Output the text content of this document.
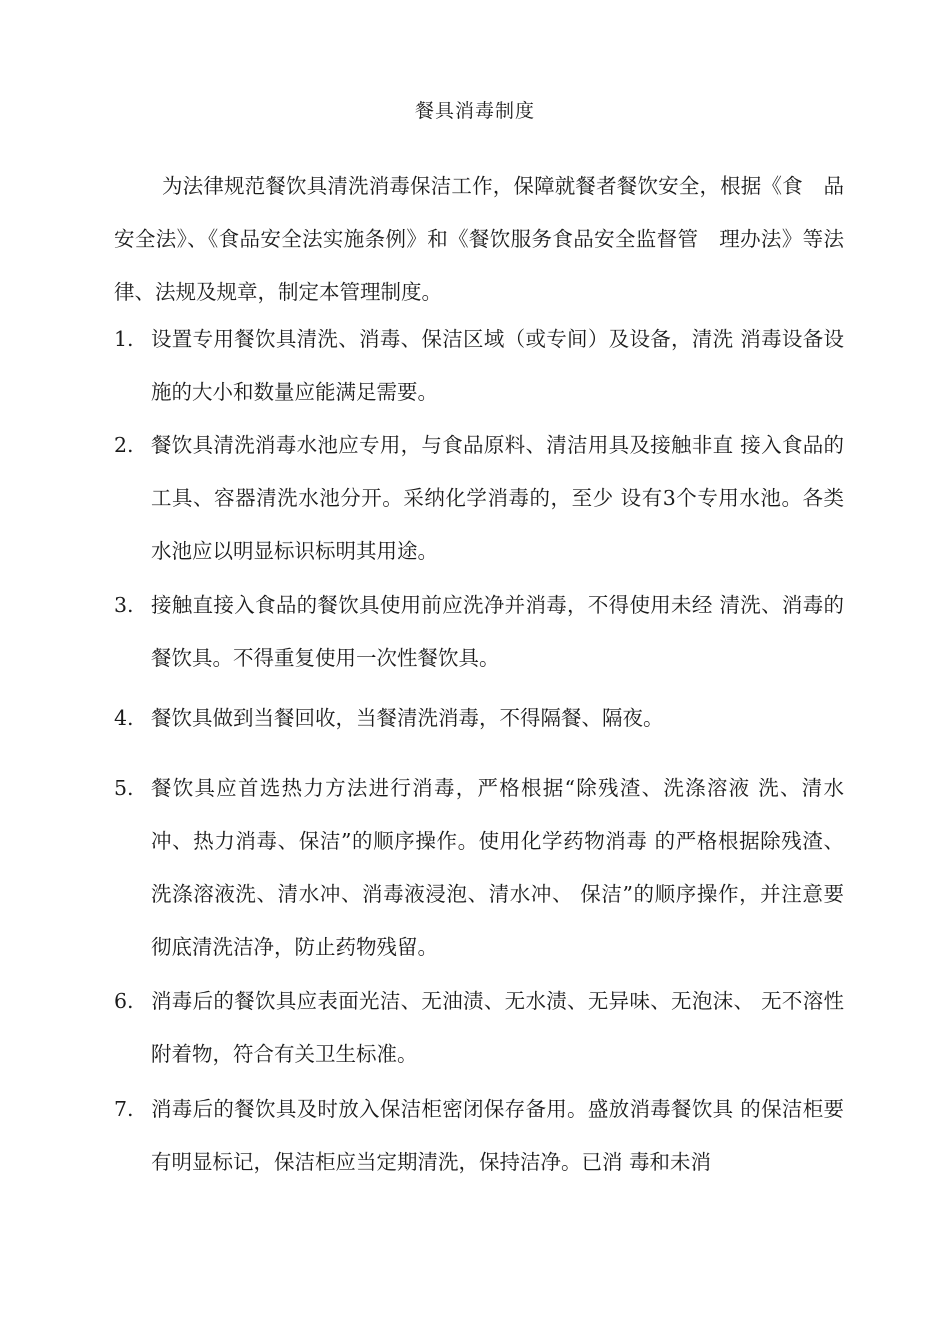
餐具消毒制度

为法律规范餐饮具清洗消毒保洁工作，保障就餐者餐饮安全，根据《食　品安全法》、《食品安全法实施条例》和《餐饮服务食品安全监督管　理办法》等法律、法规及规章，制定本管理制度。

1. 设置专用餐饮具清洗、消毒、保洁区域（或专间）及设备，清洗 消毒设备设施的大小和数量应能满足需要。
2. 餐饮具清洗消毒水池应专用，与食品原料、清洁用具及接触非直 接入食品的工具、容器清洗水池分开。采纳化学消毒的，至少 设有3个专用水池。各类水池应以明显标识标明其用途。
3. 接触直接入食品的餐饮具使用前应洗净并消毒，不得使用未经 清洗、消毒的餐饮具。不得重复使用一次性餐饮具。
4. 餐饮具做到当餐回收，当餐清洗消毒，不得隔餐、隔夜。
5. 餐饮具应首选热力方法进行消毒，严格根据“除残渣、洗涤溶液 洗、清水冲、热力消毒、保洁”的顺序操作。使用化学药物消毒 的严格根据除残渣、洗涤溶液洗、清水冲、消毒液浸泡、清水冲、 保洁”的顺序操作，并注意要彻底清洗洁净，防止药物残留。
6. 消毒后的餐饮具应表面光洁、无油渍、无水渍、无异味、无泡沫、 无不溶性附着物，符合有关卫生标准。
7. 消毒后的餐饮具及时放入保洁柜密闭保存备用。盛放消毒餐饮具 的保洁柜要有明显标记，保洁柜应当定期清洗，保持洁净。已消 毒和未消
